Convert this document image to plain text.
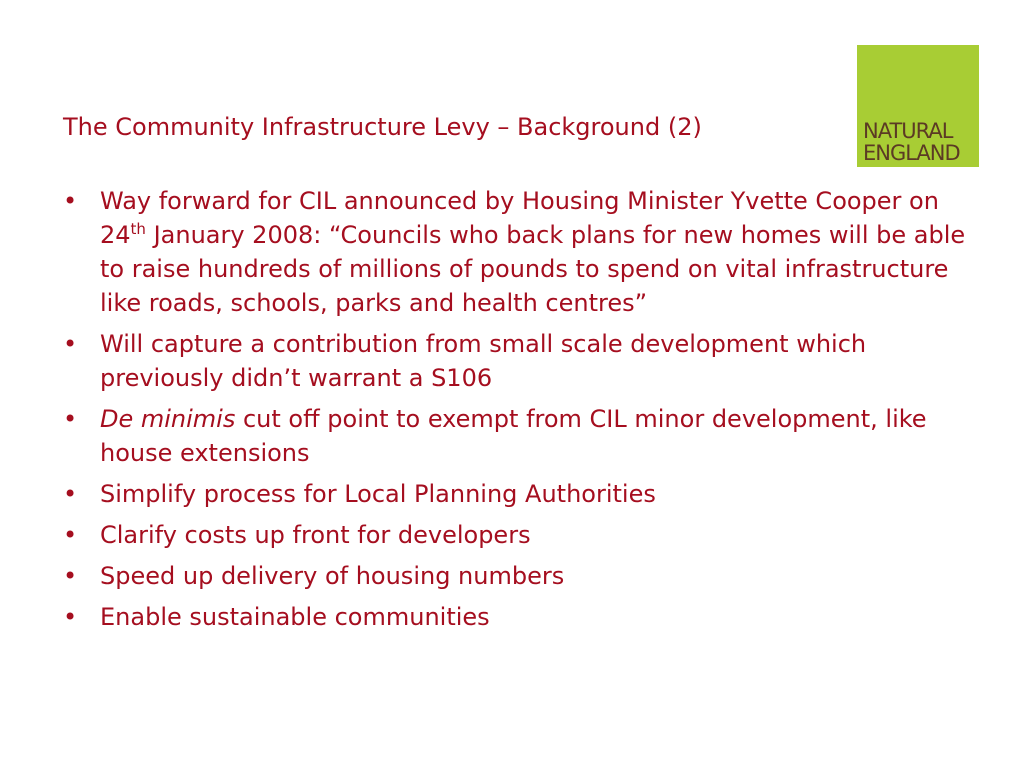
The Community Infrastructure Levy – Background (2)	NATURAL
ENGLAND
• Way forward for CIL announced by Housing Minister Yvette Cooper on 24th January 2008: “Councils who back plans for new homes will be able to raise hundreds of millions of pounds to spend on vital infrastructure like roads, schools, parks and health centres”
• Will capture a contribution from small scale development which previously didn’t warrant a S106
• De minimis cut off point to exempt from CIL minor development, like house extensions
• Simplify process for Local Planning Authorities
• Clarify costs up front for developers
• Speed up delivery of housing numbers
• Enable sustainable communities
